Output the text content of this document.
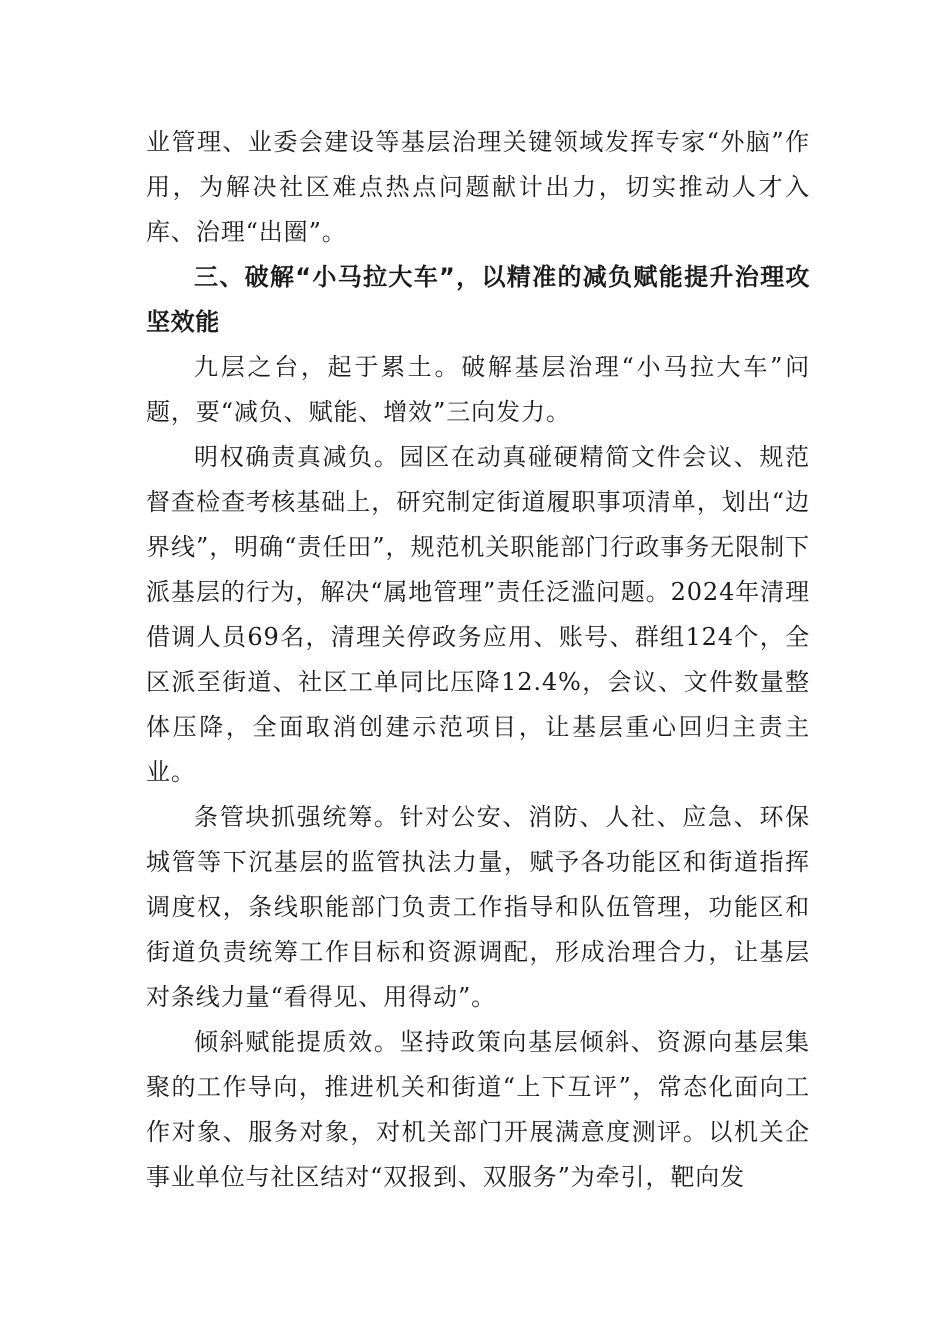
业管理、业委会建设等基层治理关键领域发挥专家“外脑”作用，为解决社区难点热点问题献计出力，切实推动人才入库、治理“出圈”。

三、破解“小马拉大车”，以精准的减负赋能提升治理攻坚效能

九层之台，起于累土。破解基层治理“小马拉大车”问题，要“减负、赋能、增效”三向发力。

明权确责真减负。园区在动真碰硬精简文件会议、规范督查检查考核基础上，研究制定街道履职事项清单，划出“边界线”，明确“责任田”，规范机关职能部门行政事务无限制下派基层的行为，解决“属地管理”责任泛滥问题。2024年清理借调人员69名，清理关停政务应用、账号、群组124个，全区派至街道、社区工单同比压降12.4%，会议、文件数量整体压降，全面取消创建示范项目，让基层重心回归主责主业。

条管块抓强统筹。针对公安、消防、人社、应急、环保城管等下沉基层的监管执法力量，赋予各功能区和街道指挥调度权，条线职能部门负责工作指导和队伍管理，功能区和街道负责统筹工作目标和资源调配，形成治理合力，让基层对条线力量“看得见、用得动”。

倾斜赋能提质效。坚持政策向基层倾斜、资源向基层集聚的工作导向，推进机关和街道“上下互评”，常态化面向工作对象、服务对象，对机关部门开展满意度测评。以机关企事业单位与社区结对“双报到、双服务”为牵引，靶向发
